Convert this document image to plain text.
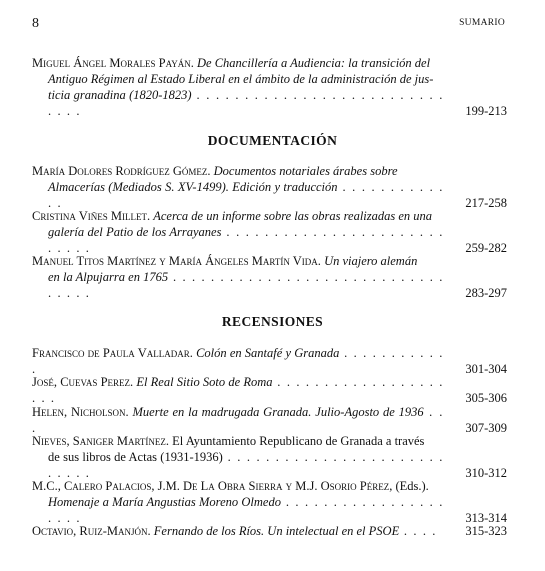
8	SUMARIO
Miguel Ángel Morales Payán. De Chancillería a Audiencia: la transición del
Antiguo Régimen al Estado Liberal en el ámbito de la administración de jus-
ticia granadina (1820-1823) . . . . . . . . . . . . . . . . . . . . . . . . . . . . . .	199-213
DOCUMENTACIÓN
María Dolores Rodríguez Gómez. Documentos notariales árabes sobre
Almacerías (Mediados S. XV-1499). Edición y traducción . . . . . . . . . . . . .	217-258
Cristina Viñes Millet. Acerca de un informe sobre las obras realizadas en una
galería del Patio de los Arrayanes . . . . . . . . . . . . . . . . . . . . . . . . . . . .	259-282
Manuel Titos Martínez y María Ángeles Martín Vida. Un viajero alemán
en la Alpujarra en 1765 . . . . . . . . . . . . . . . . . . . . . . . . . . . . . . . . . .	283-297
RECENSIONES
Francisco de Paula Valladar. Colón en Santafé y Granada . . . . . . . . . . . .	301-304
José, Cuevas Perez. El Real Sitio Soto de Roma . . . . . . . . . . . . . . . . . . . . .	305-306
Helen, Nicholson. Muerte en la madrugada Granada. Julio-Agosto de 1936 . . .	307-309
Nieves, Saniger Martínez. El Ayuntamiento Republicano de Granada a través
de sus libros de Actas (1931-1936) . . . . . . . . . . . . . . . . . . . . . . . . . . . .	310-312
M.C., Calero Palacios, J.M. De La Obra Sierra y M.J. Osorio Pérez, (Eds.).
Homenaje a María Angustias Moreno Olmedo . . . . . . . . . . . . . . . . . . . . .	313-314
Octavio, Ruiz-Manjón. Fernando de los Ríos. Un intelectual en el PSOE . . . .	315-323
